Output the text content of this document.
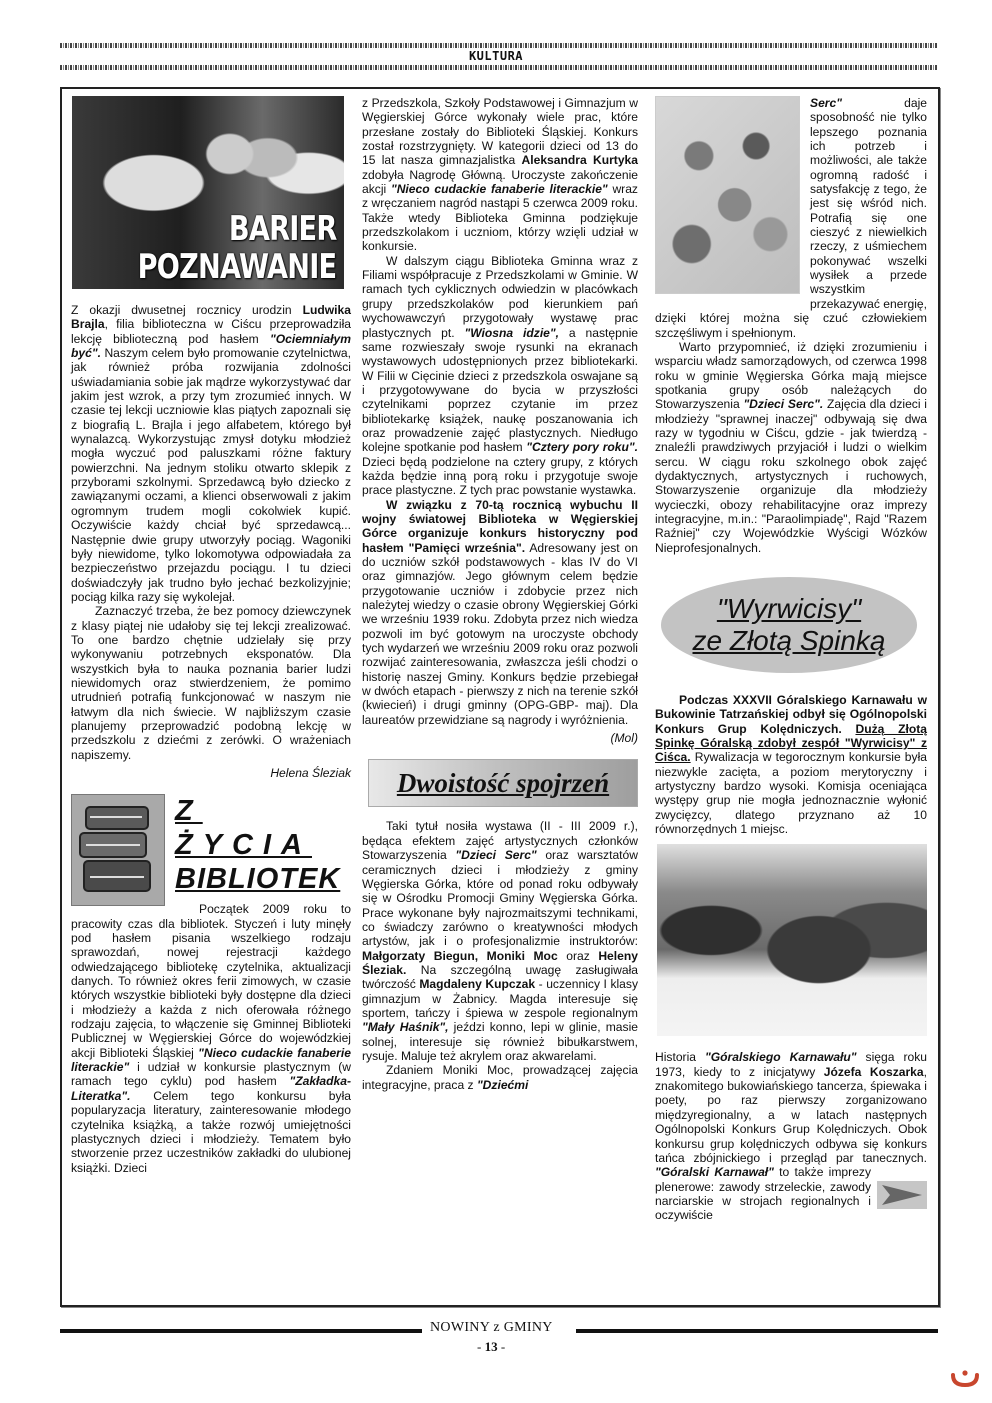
KULTURA
BARIER
POZNAWANIE

Z okazji dwusetnej rocznicy urodzin Ludwika Brajla, filia biblioteczna w Ciścu przeprowadziła lekcję biblioteczną pod hasłem "Ociemniałym być". Naszym celem było promowanie czytelnictwa, jak również próba rozwijania zdolności uświadamiania sobie jak mądrze wykorzystywać dar jakim jest wzrok, a przy tym zrozumieć innych. W czasie tej lekcji uczniowie klas piątych zapoznali się z biografią L. Brajla i jego alfabetem, którego był wynalazcą. Wykorzystując zmysł dotyku młodzież mogła wyczuć pod paluszkami różne faktury powierzchni. Na jednym stoliku otwarto sklepik z przyborami szkolnymi. Sprzedawcą było dziecko z zawiązanymi oczami, a klienci obserwowali z jakim ogromnym trudem mogli cokolwiek kupić. Oczywiście każdy chciał być sprzedawcą... Następnie dwie grupy utworzyły pociąg. Wagoniki były niewidome, tylko lokomotywa odpowiadała za bezpieczeństwo przejazdu pociągu. I tu dzieci doświadczyły jak trudno było jechać bezkolizyjnie; pociąg kilka razy się wykolejał.

Zaznaczyć trzeba, że bez pomocy dziewczynek z klasy piątej nie udałoby się tej lekcji zrealizować. To one bardzo chętnie udzielały się przy wykonywaniu potrzebnych eksponatów. Dla wszystkich była to nauka poznania barier ludzi niewidomych oraz stwierdzeniem, że pomimo utrudnień potrafią funkcjonować w naszym nie łatwym dla nich świecie. W najbliższym czasie planujemy przeprowadzić podobną lekcję w przedszkolu z dziećmi z zerówki. O wrażeniach napiszemy.

Helena Śleziak
Z ŻYCIA
BIBLIOTEK

Początek 2009 roku to pracowity czas dla bibliotek. Styczeń i luty minęły pod hasłem pisania wszelkiego rodzaju sprawozdań, nowej rejestracji każdego odwiedzającego bibliotekę czytelnika, aktualizacji danych. To również okres ferii zimowych, w czasie których wszystkie biblioteki były dostępne dla dzieci i młodzieży a każda z nich oferowała różnego rodzaju zajęcia, to włączenie się Gminnej Biblioteki Publicznej w Węgierskiej Górce do wojewódzkiej akcji Biblioteki Śląskiej "Nieco cudackie fanaberie literackie" i udział w konkursie plastycznym (w ramach tego cyklu) pod hasłem "Zakładka-Literatka". Celem tego konkursu była popularyzacja literatury, zainteresowanie młodego czytelnika książką, a także rozwój umiejętności plastycznych dzieci i młodzieży. Tematem było stworzenie przez uczestników zakładki do ulubionej książki. Dzieci

z Przedszkola, Szkoły Podstawowej i Gimnazjum w Węgierskiej Górce wykonały wiele prac, które przesłane zostały do Biblioteki Śląskiej. Konkurs został rozstrzygnięty. W kategorii dzieci od 13 do 15 lat nasza gimnazjalistka Aleksandra Kurtyka zdobyła Nagrodę Główną. Uroczyste zakończenie akcji "Nieco cudackie fanaberie literackie" wraz z wręczaniem nagród nastąpi 5 czerwca 2009 roku. Także wtedy Biblioteka Gminna podziękuje przedszkolakom i uczniom, którzy wzięli udział w konkursie.

W dalszym ciągu Biblioteka Gminna wraz z Filiami współpracuje z Przedszkolami w Gminie. W ramach tych cyklicznych odwiedzin w placówkach grupy przedszkolaków pod kierunkiem pań wychowawczyń przygotowały wystawę prac plastycznych pt. "Wiosna idzie", a następnie same rozwieszały swoje rysunki na ekranach wystawowych udostępnionych przez bibliotekarki. W Filii w Cięcinie dzieci z przedszkola oswajane są i przygotowywane do bycia w przyszłości czytelnikami poprzez czytanie im przez bibliotekarkę książek, naukę poszanowania ich oraz prowadzenie zajęć plastycznych. Niedługo kolejne spotkanie pod hasłem "Cztery pory roku". Dzieci będą podzielone na cztery grupy, z których każda będzie inną porą roku i przygotuje swoje prace plastyczne. Z tych prac powstanie wystawka.

W związku z 70-tą rocznicą wybuchu II wojny światowej Biblioteka w Węgierskiej Górce organizuje konkurs historyczny pod hasłem "Pamięci września". Adresowany jest on do uczniów szkół podstawowych - klas IV do VI oraz gimnazjów. Jego głównym celem będzie przygotowanie uczniów i zdobycie przez nich należytej wiedzy o czasie obrony Węgierskiej Górki we wrześniu 1939 roku. Zdobyta przez nich wiedza pozwoli im być gotowym na uroczyste obchody tych wydarzeń we wrześniu 2009 roku oraz pozwoli rozwijać zainteresowania, zwłaszcza jeśli chodzi o historię naszej Gminy. Konkurs będzie przebiegał w dwóch etapach - pierwszy z nich na terenie szkół (kwiecień) i drugi gminny (OPG-GBP- maj). Dla laureatów przewidziane są nagrody i wyróżnienia.

(Mol)
Dwoistość spojrzeń

Taki tytuł nosiła wystawa (II - III 2009 r.), będąca efektem zajęć artystycznych członków Stowarzyszenia "Dzieci Serc" oraz warsztatów ceramicznych dzieci i młodzieży z gminy Węgierska Górka, które od ponad roku odbywały się w Ośrodku Promocji Gminy Węgierska Górka. Prace wykonane były najrozmaitszymi technikami, co świadczy zarówno o kreatywności młodych artystów, jak i o profesjonalizmie instruktorów: Małgorzaty Biegun, Moniki Moc oraz Heleny Śleziak. Na szczególną uwagę zasługiwała twórczość Magdaleny Kupczak - uczennicy I klasy gimnazjum w Żabnicy. Magda interesuje się sportem, tańczy i śpiewa w zespole regionalnym "Mały Haśnik", jeździ konno, lepi w glinie, masie solnej, interesuje się również bibułkarstwem, rysuje. Maluje też akrylem oraz akwarelami.

Zdaniem Moniki Moc, prowadzącej zajęcia integracyjne, praca z "Dziećmi

Serc" daje sposobność nie tylko lepszego poznania ich potrzeb i możliwości, ale także ogromną radość i satysfakcję z tego, że jest się wśród nich. Potrafią się one cieszyć z niewielkich rzeczy, z uśmiechem pokonywać wszelki wysiłek a przede wszystkim przekazywać energię, dzięki której można się czuć człowiekiem szczęśliwym i spełnionym.

Warto przypomnieć, iż dzięki zrozumieniu i wsparciu władz samorządowych, od czerwca 1998 roku w gminie Węgierska Górka mają miejsce spotkania grupy osób należących do Stowarzyszenia "Dzieci Serc". Zajęcia dla dzieci i młodzieży "sprawnej inaczej" odbywają się dwa razy w tygodniu w Ciścu, gdzie - jak twierdzą - znaleźli prawdziwych przyjaciół i ludzi o wielkim sercu. W ciągu roku szkolnego obok zajęć dydaktycznych, artystycznych i ruchowych, Stowarzyszenie organizuje dla młodzieży wycieczki, obozy rehabilitacyjne oraz imprezy integracyjne, m.in.: "Paraolimpiadę", Rajd "Razem Raźniej" czy Wojewódzkie Wyścigi Wózków Nieprofesjonalnych.

"Wyrwicisy"
ze Złotą Spinką

Podczas XXXVII Góralskiego Karnawału w Bukowinie Tatrzańskiej odbył się Ogólnopolski Konkurs Grup Kolędniczych. Dużą Złotą Spinkę Góralską zdobył zespół "Wyrwicisy" z Ciśca. Rywalizacja w tegorocznym konkursie była niezwykle zacięta, a poziom merytoryczny i artystyczny bardzo wysoki. Komisja oceniająca występy grup nie mogła jednoznacznie wyłonić zwycięzcy, dlatego przyznano aż 10 równorzędnych 1 miejsc.

Historia "Góralskiego Karnawału" sięga roku 1973, kiedy to z inicjatywy Józefa Koszarka, znakomitego bukowiańskiego tancerza, śpiewaka i poety, po raz pierwszy zorganizowano międzyregionalny, a w latach następnych Ogólnopolski Konkurs Grup Kolędniczych. Obok konkursu grup kolędniczych odbywa się konkurs tańca zbójnickiego i przegląd par tanecznych. "Góralski Karnawał"
to także imprezy plenerowe: zawody strzeleckie, zawody narciarskie w strojach regionalnych i oczywiście

NOWINY z GMINY
- 13 -
